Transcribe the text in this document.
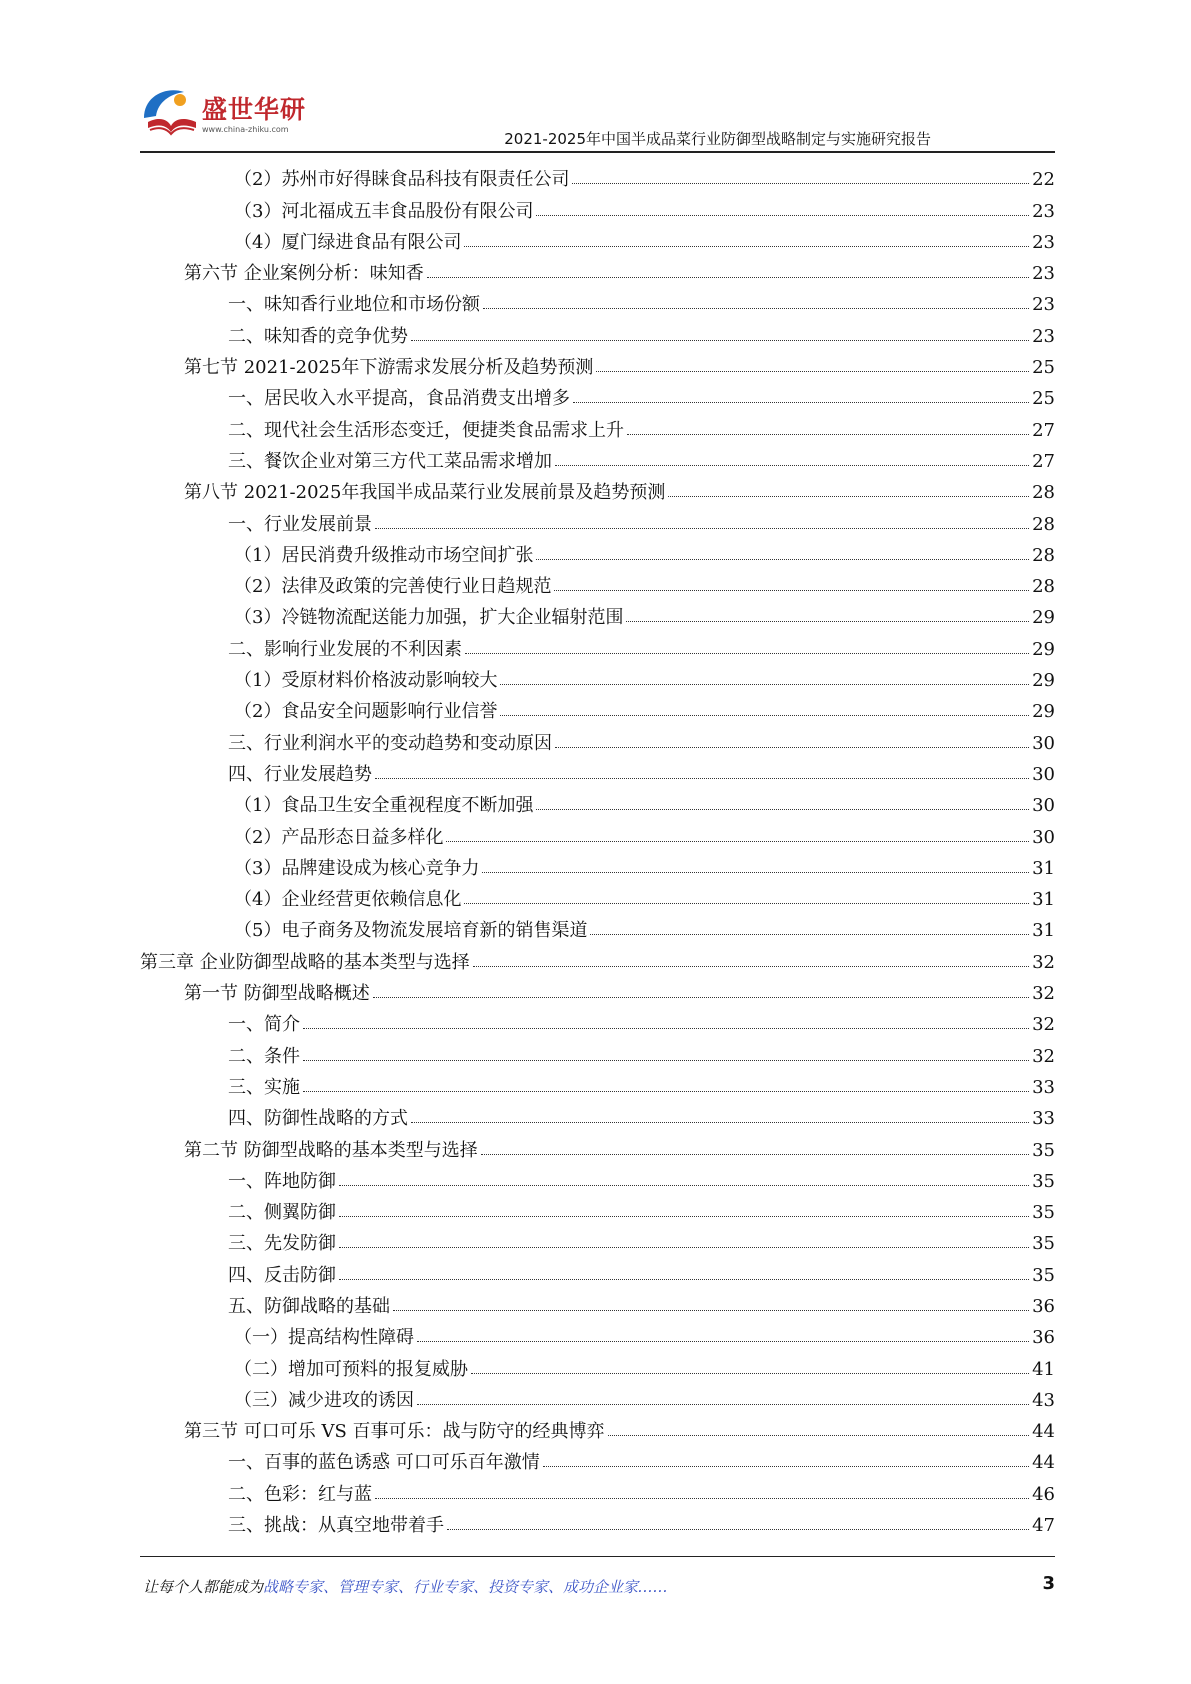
盛世华研
www.china-zhiku.com
2021-2025年中国半成品菜行业防御型战略制定与实施研究报告
（2）苏州市好得睐食品科技有限责任公司	22
（3）河北福成五丰食品股份有限公司	23
（4）厦门绿进食品有限公司	23
第六节 企业案例分析：味知香	23
一、味知香行业地位和市场份额	23
二、味知香的竞争优势	23
第七节 2021-2025年下游需求发展分析及趋势预测	25
一、居民收入水平提高，食品消费支出增多	25
二、现代社会生活形态变迁，便捷类食品需求上升	27
三、餐饮企业对第三方代工菜品需求增加	27
第八节 2021-2025年我国半成品菜行业发展前景及趋势预测	28
一、行业发展前景	28
（1）居民消费升级推动市场空间扩张	28
（2）法律及政策的完善使行业日趋规范	28
（3）冷链物流配送能力加强，扩大企业辐射范围	29
二、影响行业发展的不利因素	29
（1）受原材料价格波动影响较大	29
（2）食品安全问题影响行业信誉	29
三、行业利润水平的变动趋势和变动原因	30
四、行业发展趋势	30
（1）食品卫生安全重视程度不断加强	30
（2）产品形态日益多样化	30
（3）品牌建设成为核心竞争力	31
（4）企业经营更依赖信息化	31
（5）电子商务及物流发展培育新的销售渠道	31
第三章 企业防御型战略的基本类型与选择	32
第一节 防御型战略概述	32
一、简介	32
二、条件	32
三、实施	33
四、防御性战略的方式	33
第二节 防御型战略的基本类型与选择	35
一、阵地防御	35
二、侧翼防御	35
三、先发防御	35
四、反击防御	35
五、防御战略的基础	36
（一）提高结构性障碍	36
（二）增加可预料的报复威胁	41
（三）减少进攻的诱因	43
第三节 可口可乐 VS 百事可乐：战与防守的经典博弈	44
一、百事的蓝色诱惑 可口可乐百年激情	44
二、色彩：红与蓝	46
三、挑战：从真空地带着手	47
让每个人都能成为战略专家、管理专家、行业专家、投资专家、成功企业家……	3
